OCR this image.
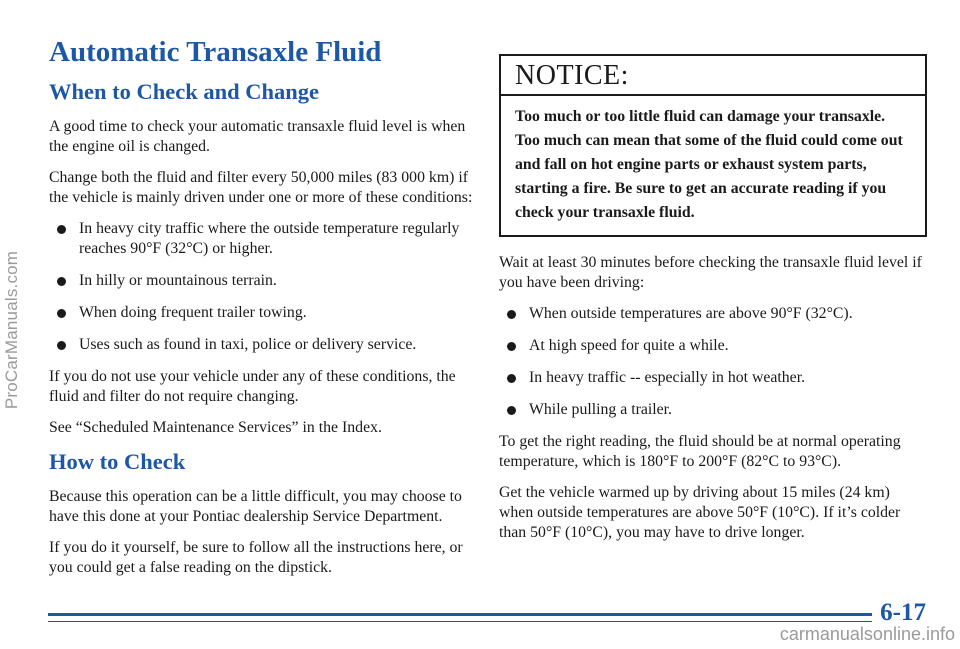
ProCarManuals.com
Automatic Transaxle Fluid
When to Check and Change

A good time to check your automatic transaxle fluid level is when the engine oil is changed.

Change both the fluid and filter every 50,000 miles (83 000 km) if the vehicle is mainly driven under one or more of these conditions:

In heavy city traffic where the outside temperature regularly reaches 90°F (32°C) or higher.
In hilly or mountainous terrain.
When doing frequent trailer towing.
Uses such as found in taxi, police or delivery service.

If you do not use your vehicle under any of these conditions, the fluid and filter do not require changing.

See “Scheduled Maintenance Services” in the Index.

How to Check

Because this operation can be a little difficult, you may choose to have this done at your Pontiac dealership Service Department.

If you do it yourself, be sure to follow all the instructions here, or you could get a false reading on the dipstick.

NOTICE:
Too much or too little fluid can damage your transaxle. Too much can mean that some of the fluid could come out and fall on hot engine parts or exhaust system parts, starting a fire. Be sure to get an accurate reading if you check your transaxle fluid.

Wait at least 30 minutes before checking the transaxle fluid level if you have been driving:

When outside temperatures are above 90°F (32°C).
At high speed for quite a while.
In heavy traffic -- especially in hot weather.
While pulling a trailer.

To get the right reading, the fluid should be at normal operating temperature, which is 180°F to 200°F (82°C to 93°C).

Get the vehicle warmed up by driving about 15 miles (24 km) when outside temperatures are above 50°F (10°C). If it’s colder than 50°F (10°C), you may have to drive longer.

6-17
carmanualsonline.info
